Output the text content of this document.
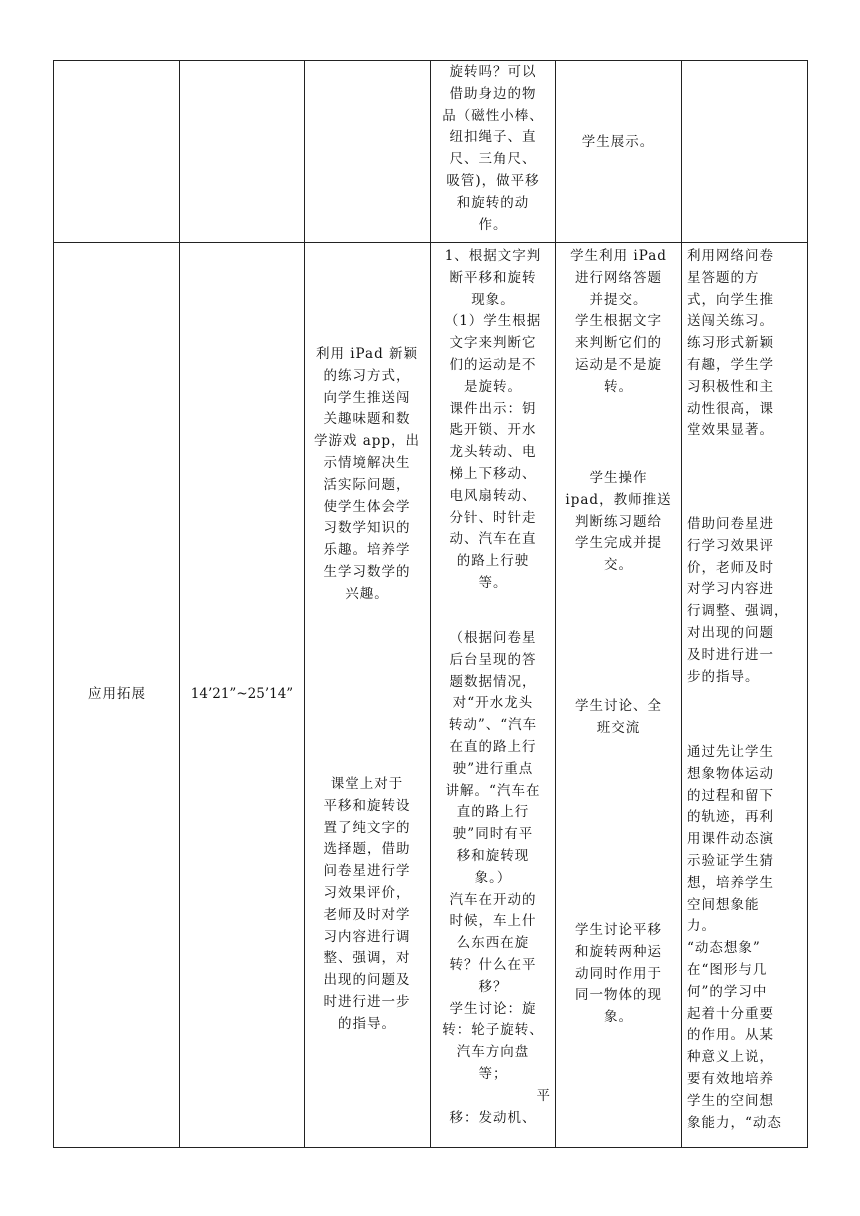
旋转吗？可以

借助身边的物

品（磁性小棒、

纽扣绳子、直

尺、三角尺、

吸管)，做平移

和旋转的动

作。

学生展示。

应用拓展	14’21”~25’14”

利用 iPad 新颖

的练习方式，

向学生推送闯

关趣味题和数

学游戏 app，出

示情境解决生

活实际问题，

使学生体会学

习数学知识的

乐趣。培养学

生学习数学的

兴趣。

课堂上对于

平移和旋转设

置了纯文字的

选择题，借助

问卷星进行学

习效果评价，

老师及时对学

习内容进行调

整、强调，对

出现的问题及

时进行进一步

的指导。

1、根据文字判

断平移和旋转

现象。

（1）学生根据

文字来判断它

们的运动是不

是旋转。

课件出示：钥

匙开锁、开水

龙头转动、电

梯上下移动、

电风扇转动、

分针、时针走

动、汽车在直

的路上行驶

等。

（根据问卷星

后台呈现的答

题数据情况，

对“开水龙头

转动”、“汽车

在直的路上行

驶”进行重点

讲解。“汽车在

直的路上行

驶”同时有平

移和旋转现

象。）

汽车在开动的

时候，车上什

么东西在旋

转？什么在平

移？

学生讨论：旋

转：轮子旋转、

汽车方向盘

等；

平

移：发动机、

学生利用 iPad

进行网络答题

并提交。

学生根据文字

来判断它们的

运动是不是旋

转。

学生操作

ipad，教师推送

判断练习题给

学生完成并提

交。

学生讨论、全

班交流

学生讨论平移

和旋转两种运

动同时作用于

同一物体的现

象。

利用网络问卷

星答题的方

式，向学生推

送闯关练习。

练习形式新颖

有趣，学生学

习积极性和主

动性很高，课

堂效果显著。

借助问卷星进

行学习效果评

价，老师及时

对学习内容进

行调整、强调，

对出现的问题

及时进行进一

步的指导。

通过先让学生

想象物体运动

的过程和留下

的轨迹，再利

用课件动态演

示验证学生猜

想，培养学生

空间想象能

力。

“动态想象”

在“图形与几

何”的学习中

起着十分重要

的作用。从某

种意义上说，

要有效地培养

学生的空间想

象能力，“动态
